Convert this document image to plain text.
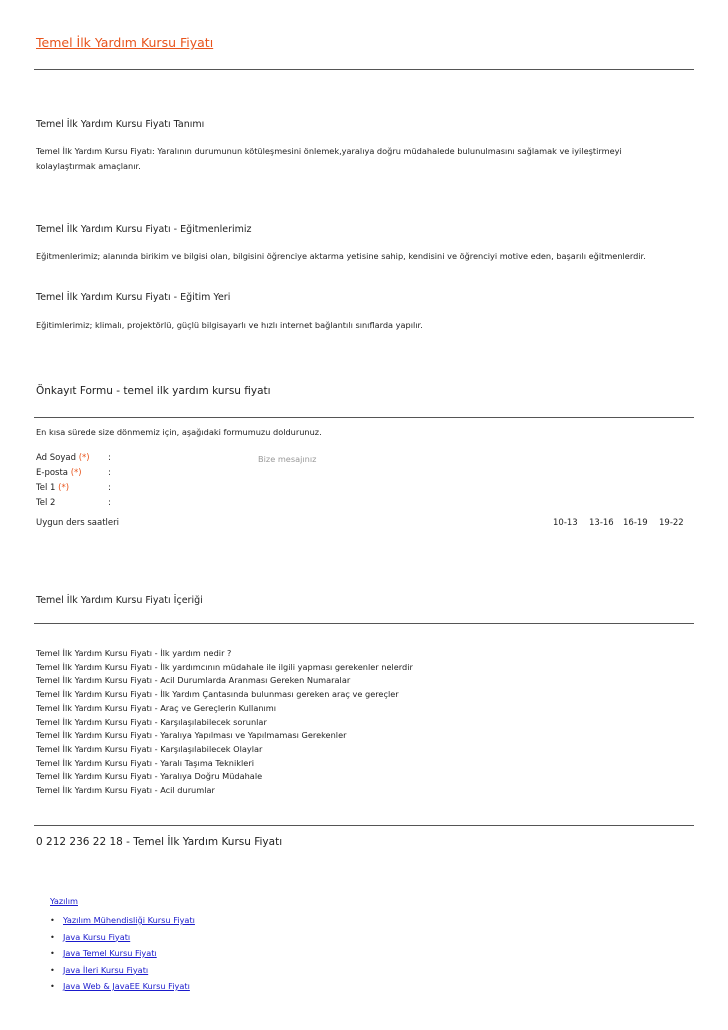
Temel İlk Yardım Kursu Fiyatı
Temel İlk Yardım Kursu Fiyatı Tanımı
Temel İlk Yardım Kursu Fiyatı: Yaralının durumunun kötüleşmesini önlemek,yaralıya doğru müdahalede bulunulmasını sağlamak ve iyileştirmeyi kolaylaştırmak amaçlanır.
Temel İlk Yardım Kursu Fiyatı - Eğitmenlerimiz
Eğitmenlerimiz; alanında birikim ve bilgisi olan, bilgisini öğrenciye aktarma yetisine sahip, kendisini ve öğrenciyi motive eden, başarılı eğitmenlerdir.
Temel İlk Yardım Kursu Fiyatı - Eğitim Yeri
Eğitimlerimiz; klimalı, projektörlü, güçlü bilgisayarlı ve hızlı internet bağlantılı sınıflarda yapılır.
Önkayıt Formu - temel ilk yardım kursu fiyatı
En kısa sürede size dönmemiz için, aşağıdaki formumuzu doldurunuz.
Ad Soyad (*) :
E-posta (*)	:
Tel 1 (*)	:
Tel 2	:
Bize mesajınız
Uygun ders saatleri	10-13 13-16 16-19 19-22
Temel İlk Yardım Kursu Fiyatı İçeriği
Temel İlk Yardım Kursu Fiyatı - İlk yardım nedir ?
Temel İlk Yardım Kursu Fiyatı - İlk yardımcının müdahale ile ilgili yapması gerekenler nelerdir
Temel İlk Yardım Kursu Fiyatı - Acil Durumlarda Aranması Gereken Numaralar
Temel İlk Yardım Kursu Fiyatı - İlk Yardım Çantasında bulunması gereken araç ve gereçler
Temel İlk Yardım Kursu Fiyatı - Araç ve Gereçlerin Kullanımı
Temel İlk Yardım Kursu Fiyatı - Karşılaşılabilecek sorunlar
Temel İlk Yardım Kursu Fiyatı - Yaralıya Yapılması ve Yapılmaması Gerekenler
Temel İlk Yardım Kursu Fiyatı - Karşılaşılabilecek Olaylar
Temel İlk Yardım Kursu Fiyatı - Yaralı Taşıma Teknikleri
Temel İlk Yardım Kursu Fiyatı - Yaralıya Doğru Müdahale
Temel İlk Yardım Kursu Fiyatı - Acil durumlar
0 212 236 22 18 - Temel İlk Yardım Kursu Fiyatı
Yazılım
• Yazılım Mühendisliği Kursu Fiyatı
• Java Kursu Fiyatı
• Java Temel Kursu Fiyatı
• Java İleri Kursu Fiyatı
• Java Web & JavaEE Kursu Fiyatı
